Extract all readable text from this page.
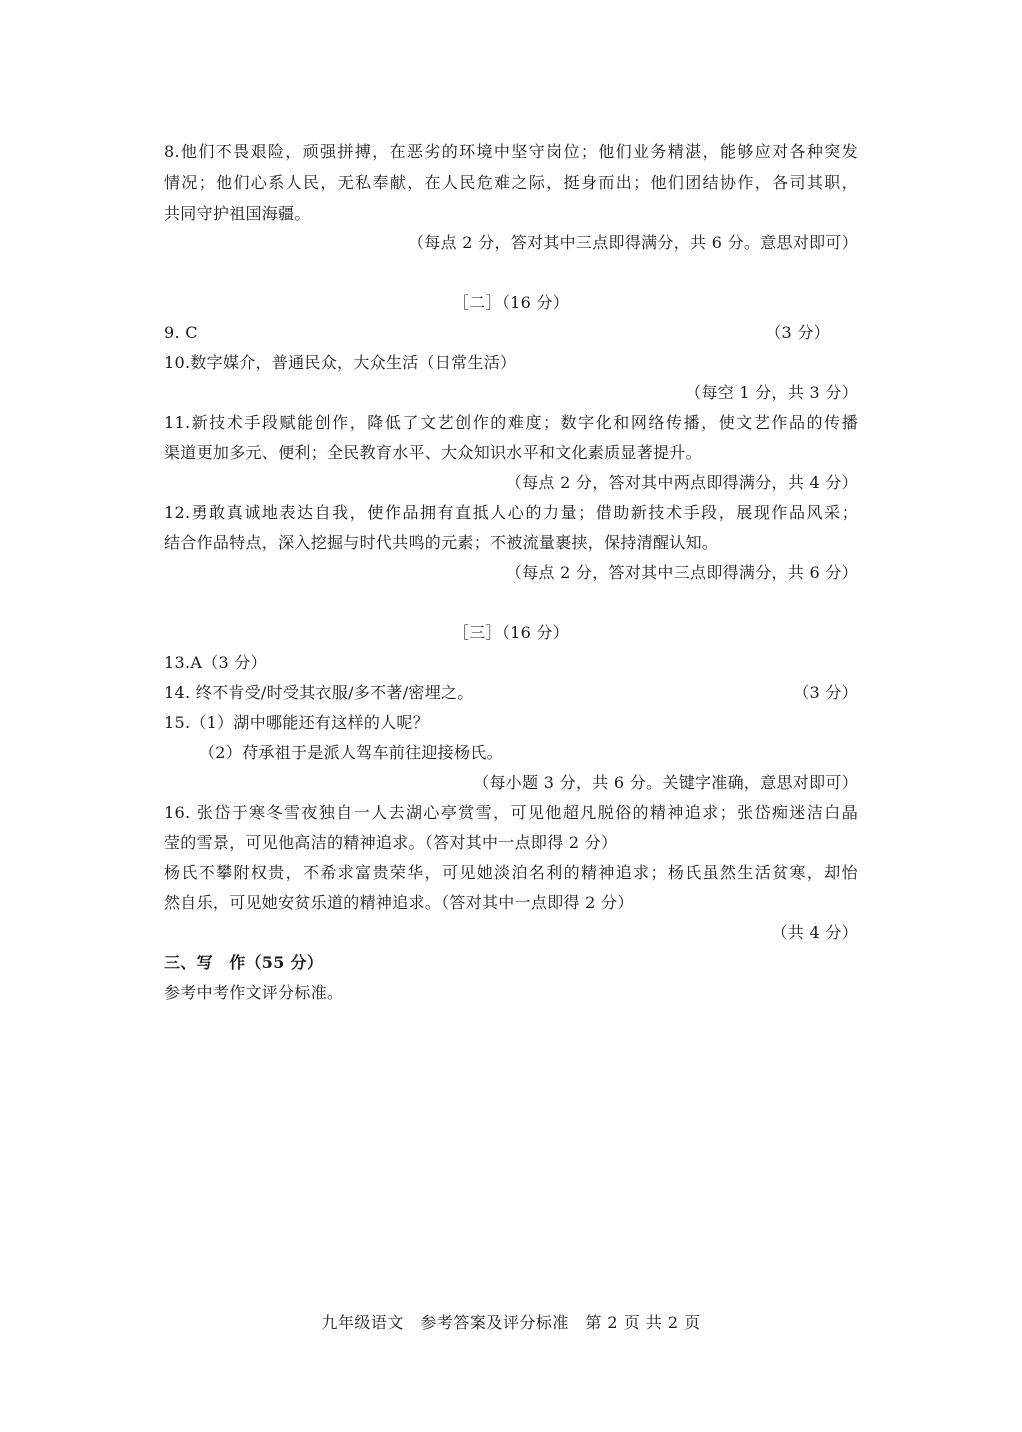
8.他们不畏艰险，顽强拼搏，在恶劣的环境中坚守岗位；他们业务精湛，能够应对各种突发
情况；他们心系人民，无私奉献，在人民危难之际，挺身而出；他们团结协作，各司其职，
共同守护祖国海疆。
（每点 2 分，答对其中三点即得满分，共 6 分。意思对即可）
［二］（16 分）
9. C	（3 分）
10.数字媒介，普通民众，大众生活（日常生活）
（每空 1 分，共 3 分）
11.新技术手段赋能创作，降低了文艺创作的难度；数字化和网络传播，使文艺作品的传播
渠道更加多元、便利；全民教育水平、大众知识水平和文化素质显著提升。
（每点 2 分，答对其中两点即得满分，共 4 分）
12.勇敢真诚地表达自我，使作品拥有直抵人心的力量；借助新技术手段，展现作品风采；
结合作品特点，深入挖掘与时代共鸣的元素；不被流量裹挟，保持清醒认知。
（每点 2 分，答对其中三点即得满分，共 6 分）
［三］（16 分）
13.A（3 分）
14. 终不肯受/时受其衣服/多不著/密埋之。	（3 分）
15.（1）湖中哪能还有这样的人呢？
（2）苻承祖于是派人驾车前往迎接杨氏。
（每小题 3 分，共 6 分。关键字准确，意思对即可）
16. 张岱于寒冬雪夜独自一人去湖心亭赏雪，可见他超凡脱俗的精神追求；张岱痴迷洁白晶
莹的雪景，可见他高洁的精神追求。（答对其中一点即得 2 分）
杨氏不攀附权贵，不希求富贵荣华，可见她淡泊名利的精神追求；杨氏虽然生活贫寒，却怡
然自乐，可见她安贫乐道的精神追求。（答对其中一点即得 2 分）
（共 4 分）
三、写　作（55 分）
参考中考作文评分标准。
九年级语文　参考答案及评分标准　第 2 页 共 2 页
